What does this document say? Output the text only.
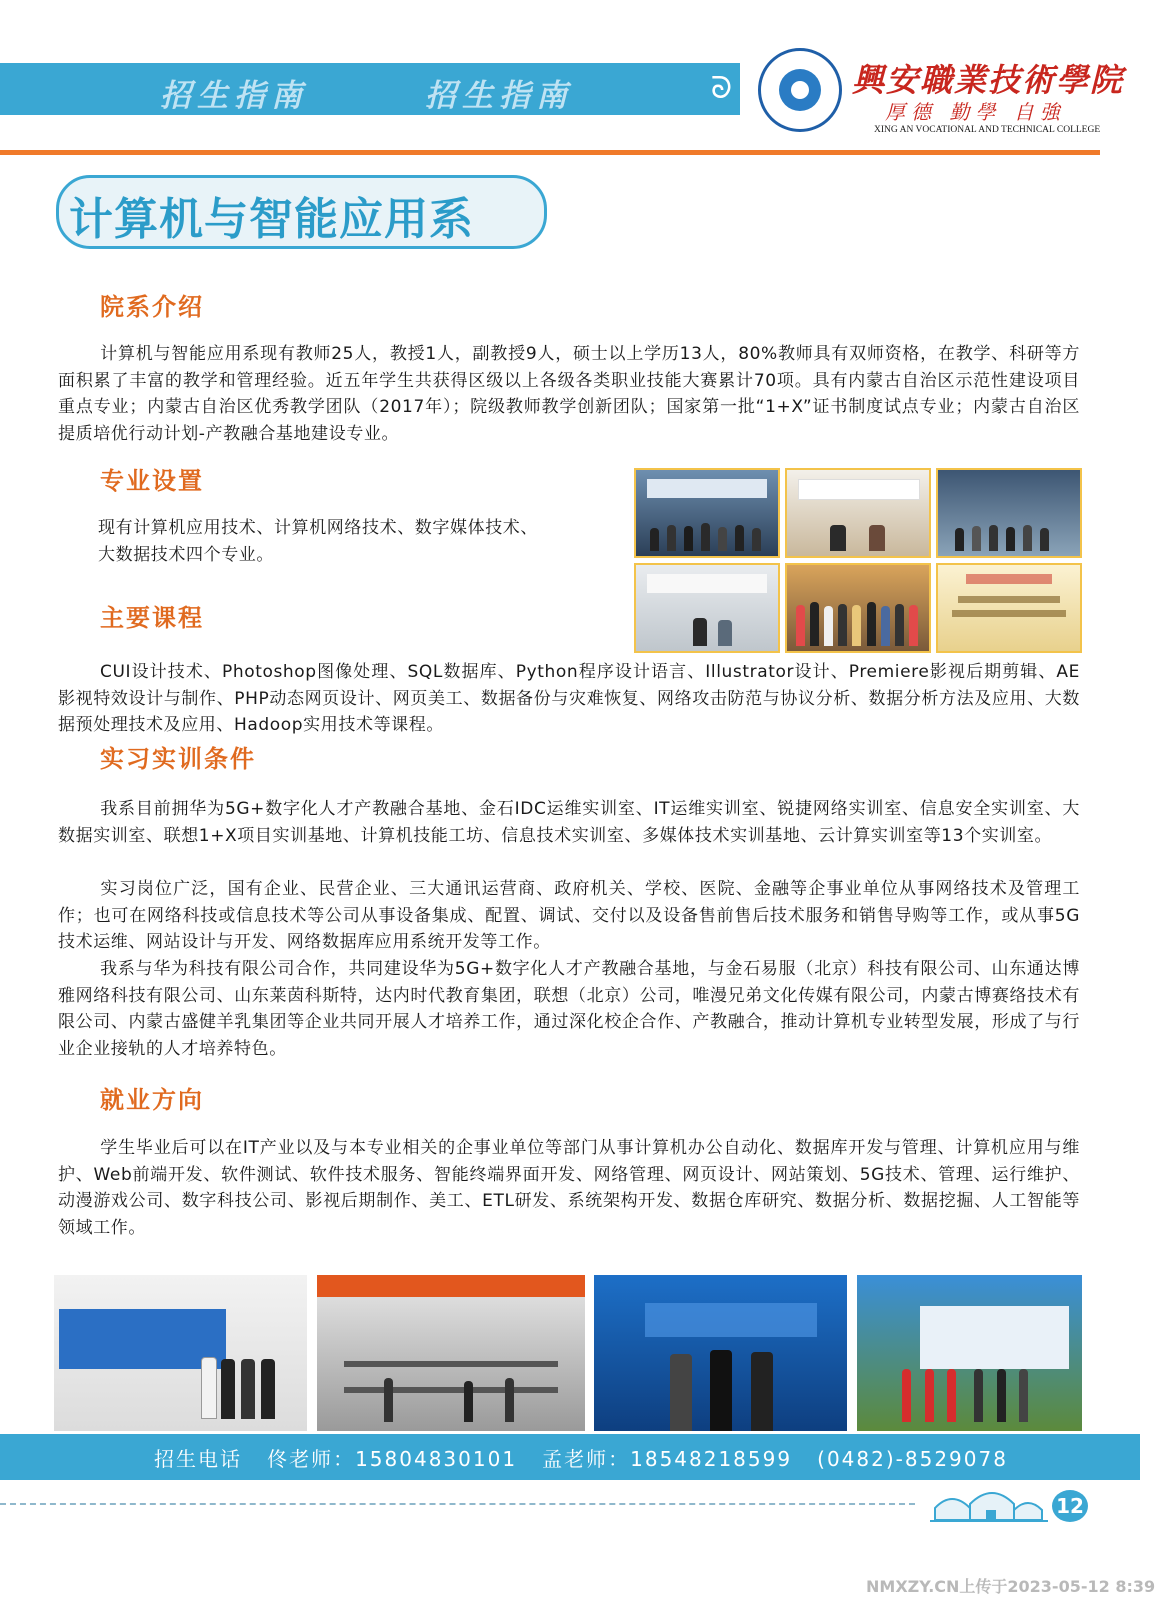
招生指南	招生指南	ᘐ	興安職業技術學院
厚德 勤學 自強
XING AN VOCATIONAL AND TECHNICAL COLLEGE
计算机与智能应用系
院系介绍

计算机与智能应用系现有教师25人，教授1人，副教授9人，硕士以上学历13人，80%教师具有双师资格，在教学、科研等方面积累了丰富的教学和管理经验。近五年学生共获得区级以上各级各类职业技能大赛累计70项。具有内蒙古自治区示范性建设项目重点专业；内蒙古自治区优秀教学团队（2017年）；院级教师教学创新团队；国家第一批“1+X”证书制度试点专业；内蒙古自治区提质培优行动计划-产教融合基地建设专业。

专业设置
现有计算机应用技术、计算机网络技术、数字媒体技术、
大数据技术四个专业。
主要课程

CUI设计技术、Photoshop图像处理、SQL数据库、Python程序设计语言、Illustrator设计、Premiere影视后期剪辑、AE影视特效设计与制作、PHP动态网页设计、网页美工、数据备份与灾难恢复、网络攻击防范与协议分析、数据分析方法及应用、大数据预处理技术及应用、Hadoop实用技术等课程。

实习实训条件

我系目前拥华为5G+数字化人才产教融合基地、金石IDC运维实训室、IT运维实训室、锐捷网络实训室、信息安全实训室、大数据实训室、联想1+X项目实训基地、计算机技能工坊、信息技术实训室、多媒体技术实训基地、云计算实训室等13个实训室。

实习岗位广泛，国有企业、民营企业、三大通讯运营商、政府机关、学校、医院、金融等企事业单位从事网络技术及管理工作；也可在网络科技或信息技术等公司从事设备集成、配置、调试、交付以及设备售前售后技术服务和销售导购等工作，或从事5G技术运维、网站设计与开发、网络数据库应用系统开发等工作。

我系与华为科技有限公司合作，共同建设华为5G+数字化人才产教融合基地，与金石易服（北京）科技有限公司、山东通达博雅网络科技有限公司、山东莱茵科斯特，达内时代教育集团，联想（北京）公司，唯漫兄弟文化传媒有限公司，内蒙古博赛络技术有限公司、内蒙古盛健羊乳集团等企业共同开展人才培养工作，通过深化校企合作、产教融合，推动计算机专业转型发展，形成了与行业企业接轨的人才培养特色。

就业方向

学生毕业后可以在IT产业以及与本专业相关的企事业单位等部门从事计算机办公自动化、数据库开发与管理、计算机应用与维护、Web前端开发、软件测试、软件技术服务、智能终端界面开发、网络管理、网页设计、网站策划、5G技术、管理、运行维护、动漫游戏公司、数字科技公司、影视后期制作、美工、ETL研发、系统架构开发、数据仓库研究、数据分析、数据挖掘、人工智能等领域工作。

招生电话   佟老师：15804830101   孟老师：18548218599   (0482)-8529078
12
NMXZY.CN上传于2023-05-12 8:39
